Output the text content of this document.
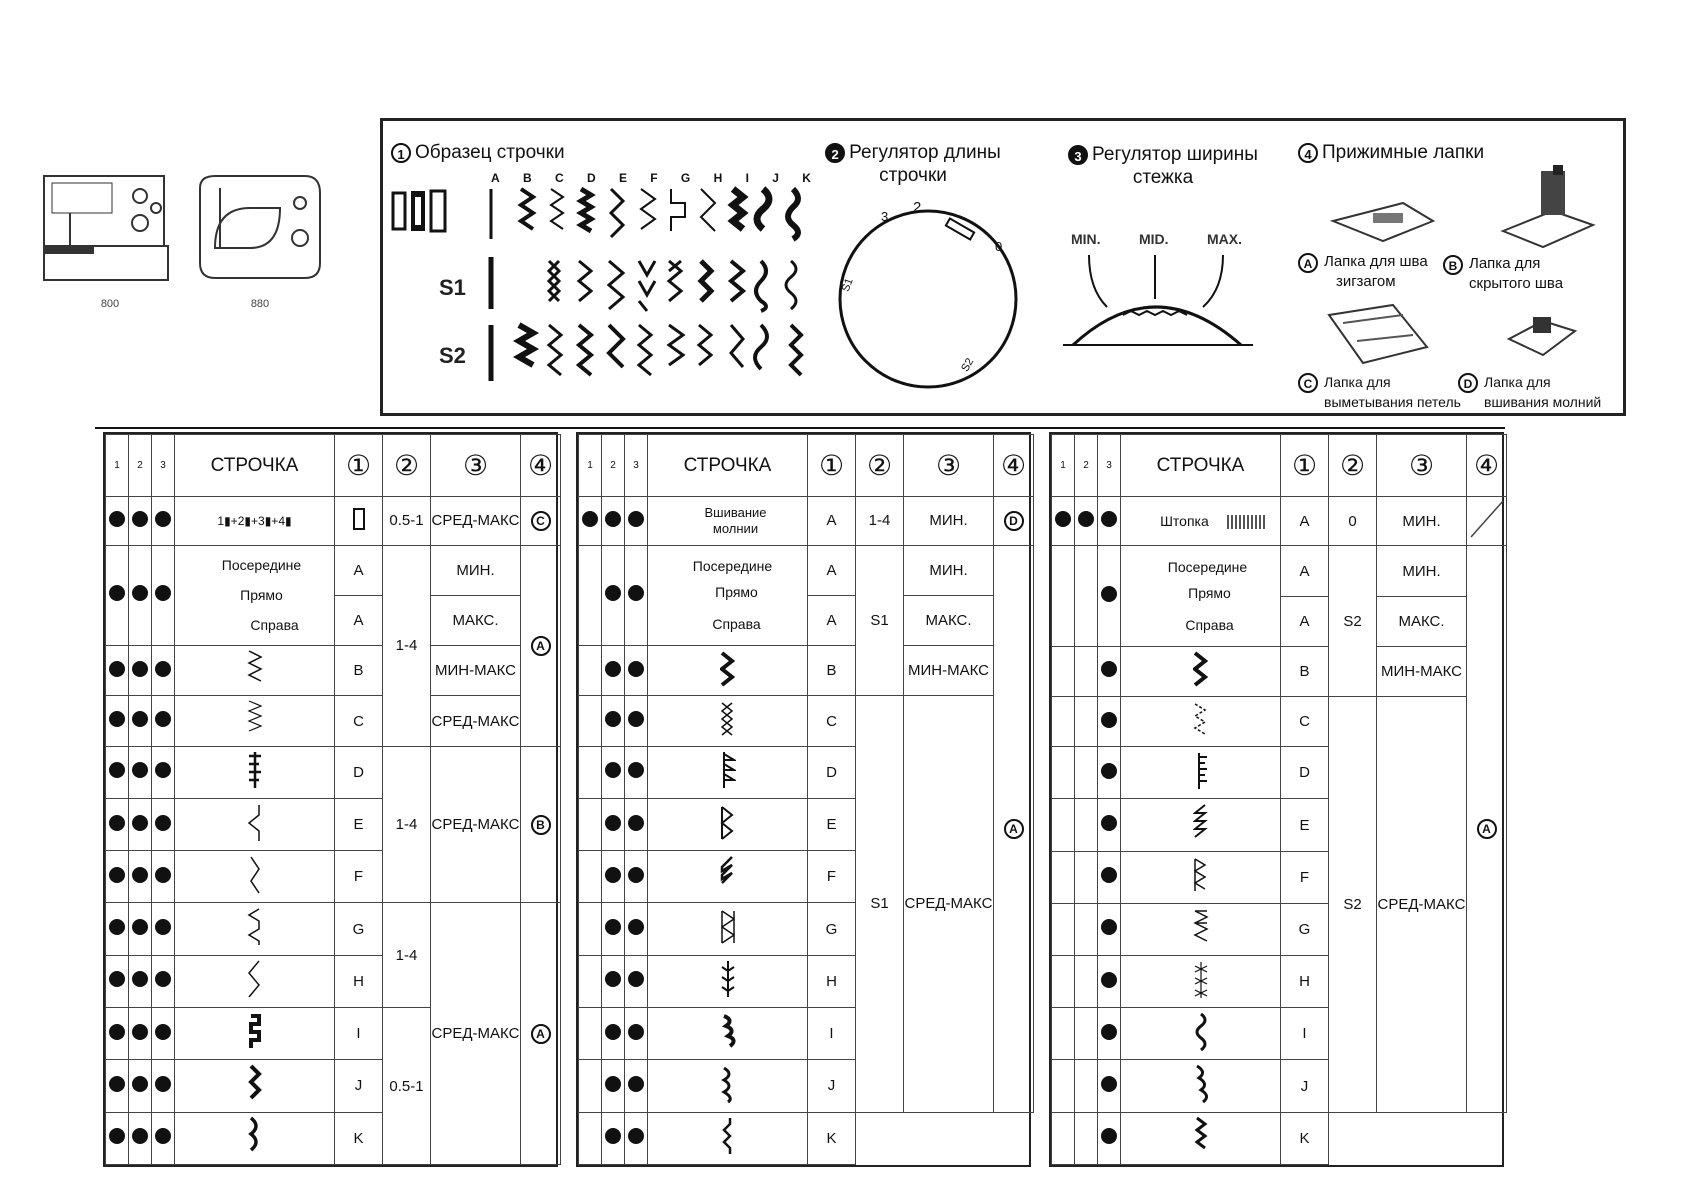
800	880
1 Образец строчки
A B C D E F G H I J K
S1
S2
2 Регулятор длины
строчки
2
3
0
S1
S2
3 Регулятор ширины
стежка
MIN.	MID.	MAX.
4 Прижимные лапки
A Лапка для шва
зигзагом
B Лапка для
скрытого шва
C Лапка для
выметывания петель
D Лапка для
вшивания молний
1	2	3	СТРОЧКА	①	②	③	④
			1▮+2▮+3▮+4▮		0.5-1	СРЕД-МАКС	C

			Посередине
Прямо
Справа	A	1-4	МИН.	A
				A		МАКС.	
				B		МИН-МАКС	
				C		СРЕД-МАКС	
				D	1-4	СРЕД-МАКС	B
				E			
				F			
				G	1-4	СРЕД-МАКС	A
				H			
				I	0.5-1		
				J			
				K			
1	2	3	СТРОЧКА	①	②	③	④

			Вшивание
молнии	A	1-4	МИН.	D

			Посередине
Прямо
Справа	A	S1	МИН.	A
				A		МАКС.	
				B		МИН-МАКС	
				C	S1	СРЕД-МАКС	
				D			
				E			
				F			
				G			
				H			
				I			
				J			
				K			
1	2	3	СТРОЧКА	①	②	③	④
			Штопка	A	0	МИН.	

			Посередине
Прямо
Справа	A	S2	МИН.	A
				A		МАКС.	
				B		МИН-МАКС	
				C	S2	СРЕД-МАКС	
				D			
				E			
				F			
				G			
				H			
				I			
				J			
				K			
